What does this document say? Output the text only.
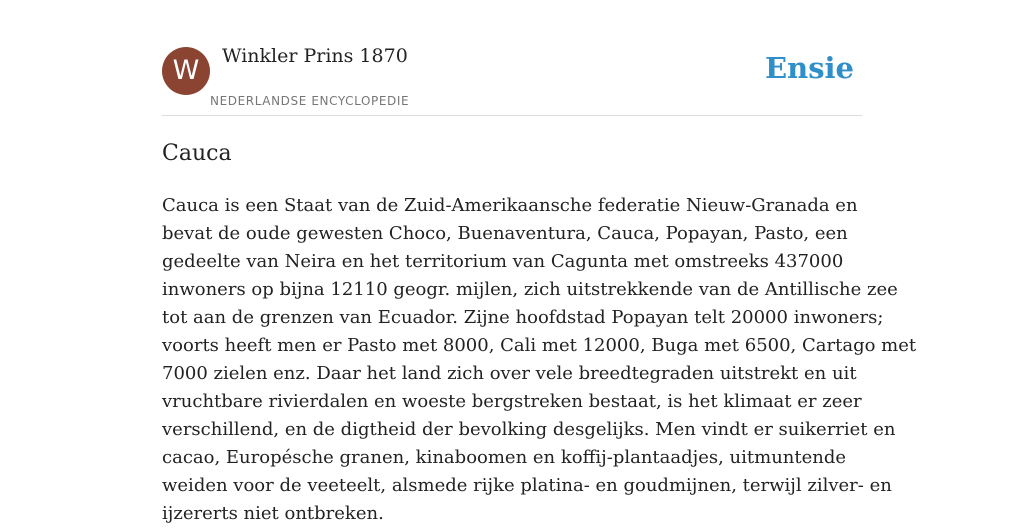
W	Winkler Prins 1870
NEDERLANDSE ENCYCLOPEDIE
Ensie
Cauca
Cauca is een Staat van de Zuid-Amerikaansche federatie Nieuw-Granada en
bevat de oude gewesten Choco, Buenaventura, Cauca, Popayan, Pasto, een
gedeelte van Neira en het territorium van Cagunta met omstreeks 437000
inwoners op bijna 12110 geogr. mijlen, zich uitstrekkende van de Antillische zee
tot aan de grenzen van Ecuador. Zijne hoofdstad Popayan telt 20000 inwoners;
voorts heeft men er Pasto met 8000, Cali met 12000, Buga met 6500, Cartago met
7000 zielen enz. Daar het land zich over vele breedtegraden uitstrekt en uit
vruchtbare rivierdalen en woeste bergstreken bestaat, is het klimaat er zeer
verschillend, en de digtheid der bevolking desgelijks. Men vindt er suikerriet en
cacao, Europésche granen, kinaboomen en koffij-plantaadjes, uitmuntende
weiden voor de veeteelt, alsmede rijke platina- en goudmijnen, terwijl zilver- en
ijzererts niet ontbreken.
